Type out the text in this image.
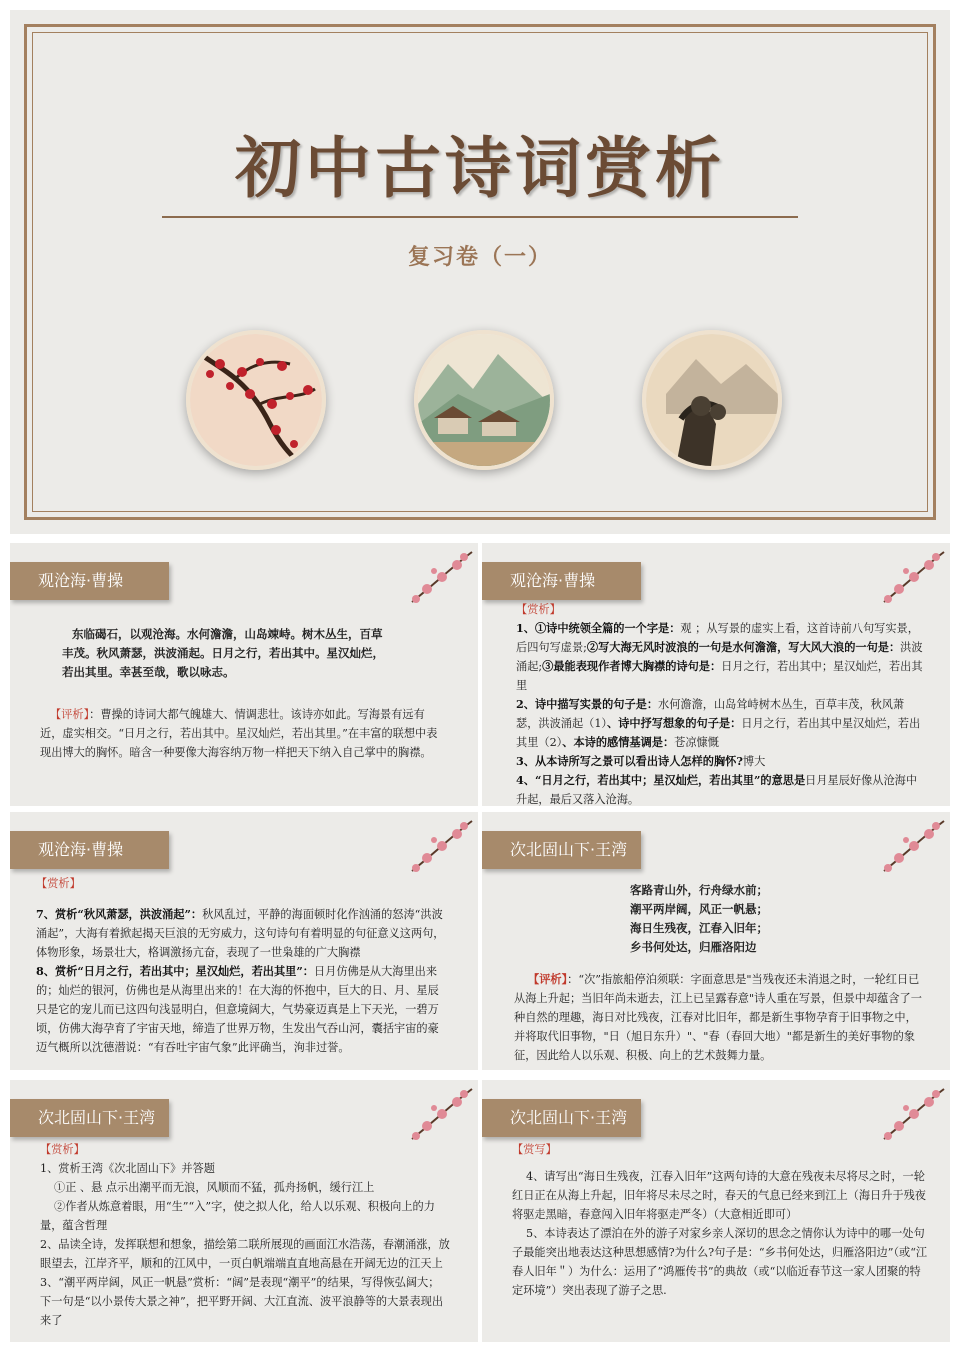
初中古诗词赏析
复习卷（一）
观沧海·曹操

东临碣石，以观沧海。水何澹澹，山岛竦峙。树木丛生，百草

丰茂。秋风萧瑟，洪波涌起。日月之行，若出其中。星汉灿烂，

若出其里。幸甚至哉，歌以咏志。

【评析】：曹操的诗词大都气魄雄大、情调悲壮。该诗亦如此。写海景有远有近，虚实相交。“日月之行，若出其中。星汉灿烂，若出其里。”在丰富的联想中表现出博大的胸怀。暗含一种要像大海容纳万物一样把天下纳入自己掌中的胸襟。
观沧海·曹操

【赏析】

1、①诗中统领全篇的一个字是：观 ；从写景的虚实上看，这首诗前八句写实景，后四句写虚景;②写大海无风时波浪的一句是水何澹澹，写大风大浪的一句是：洪波涌起;③最能表现作者博大胸襟的诗句是：日月之行，若出其中；星汉灿烂，若出其里

2、诗中描写实景的句子是：水何澹澹，山岛耸峙树木丛生，百草丰茂，秋风萧瑟，洪波涌起（1）、诗中抒写想象的句子是：日月之行，若出其中星汉灿烂，若出其里（2）、本诗的感情基调是：苍凉慷慨

3、从本诗所写之景可以看出诗人怎样的胸怀?博大

4、“日月之行，若出其中；星汉灿烂，若出其里”的意思是日月星辰好像从沧海中升起，最后又落入沧海。

观沧海·曹操

【赏析】

7、赏析“秋风萧瑟，洪波涌起”：秋风乱过，平静的海面顿时化作汹涌的怒涛“洪波涌起”，大海有着掀起揭天巨浪的无穷威力，这句诗句有着明显的句征意义这两句，体物形象，场景壮大，格调激扬亢奋，表现了一世枭雄的广大胸襟

8、赏析“日月之行，若出其中；星汉灿烂，若出其里”：日月仿佛是从大海里出来的；灿烂的银河，仿佛也是从海里出来的！在大海的怀抱中，巨大的日、月、星辰只是它的宠儿而已这四句浅显明白，但意境阔大，气势豪迈真是上下天光，一碧万顷，仿佛大海孕育了宇宙天地，缔造了世界万物，生发出气吞山河，囊括宇宙的豪迈气概所以沈德潜说：“有吞吐宇宙气象”此评确当，洵非过誉。

次北固山下·王湾

客路青山外，行舟绿水前；

潮平两岸阔，风正一帆悬；

海日生残夜，江春入旧年；

乡书何处达，归雁洛阳边

【评析】：“次”指旅船停泊须联：字面意思是"当残夜还未消退之时，一轮红日已从海上升起；当旧年尚未逝去，江上已呈露春意"诗人重在写景，但景中却蕴含了一种自然的理趣，海日对比残夜，江春对比旧年，都是新生事物孕育于旧事物之中，并将取代旧事物，"日（旭日东升）"、"春（春回大地）"都是新生的美好事物的象征，因此给人以乐观、积极、向上的艺术鼓舞力量。
次北固山下·王湾

【赏析】

1、赏析王湾《次北固山下》并答题

①正 、悬 点示出潮平而无浪，风顺而不猛，孤舟扬帆，缓行江上

②作者从炼意着眼，用“生”“入”字，使之拟人化，给人以乐观、积极向上的力量，蕴含哲理

2、品读全诗，发挥联想和想象，描绘第二联所展现的画面江水浩荡，春潮涌涨，放眼望去，江岸齐平，顺和的江风中，一页白帆端端直直地高悬在开阔无边的江天上

3、“潮平两岸阔，风正一帆悬”赏析：“阔”是表现“潮平”的结果，写得恢弘阔大；下一句是“以小景传大景之神”，把平野开阔、大江直流、波平浪静等的大景表现出来了

次北固山下·王湾

【赏写】

4、请写出“海日生残夜，江春入旧年”这两句诗的大意在残夜未尽将尽之时，一轮红日正在从海上升起，旧年将尽未尽之时，春天的气息已经来到江上（海日升于残夜将驱走黑暗，春意闯入旧年将驱走严冬）（大意相近即可）

5、本诗表达了漂泊在外的游子对家乡亲人深切的思念之情你认为诗中的哪一处句子最能突出地表达这种思想感情?为什么?句子是：“乡书何处达，归雁洛阳边”（或“江春人旧年＂）为什么：运用了”鸿雁传书”的典故（或“以临近春节这一家人团聚的特定环境”）突出表现了游子之思.
